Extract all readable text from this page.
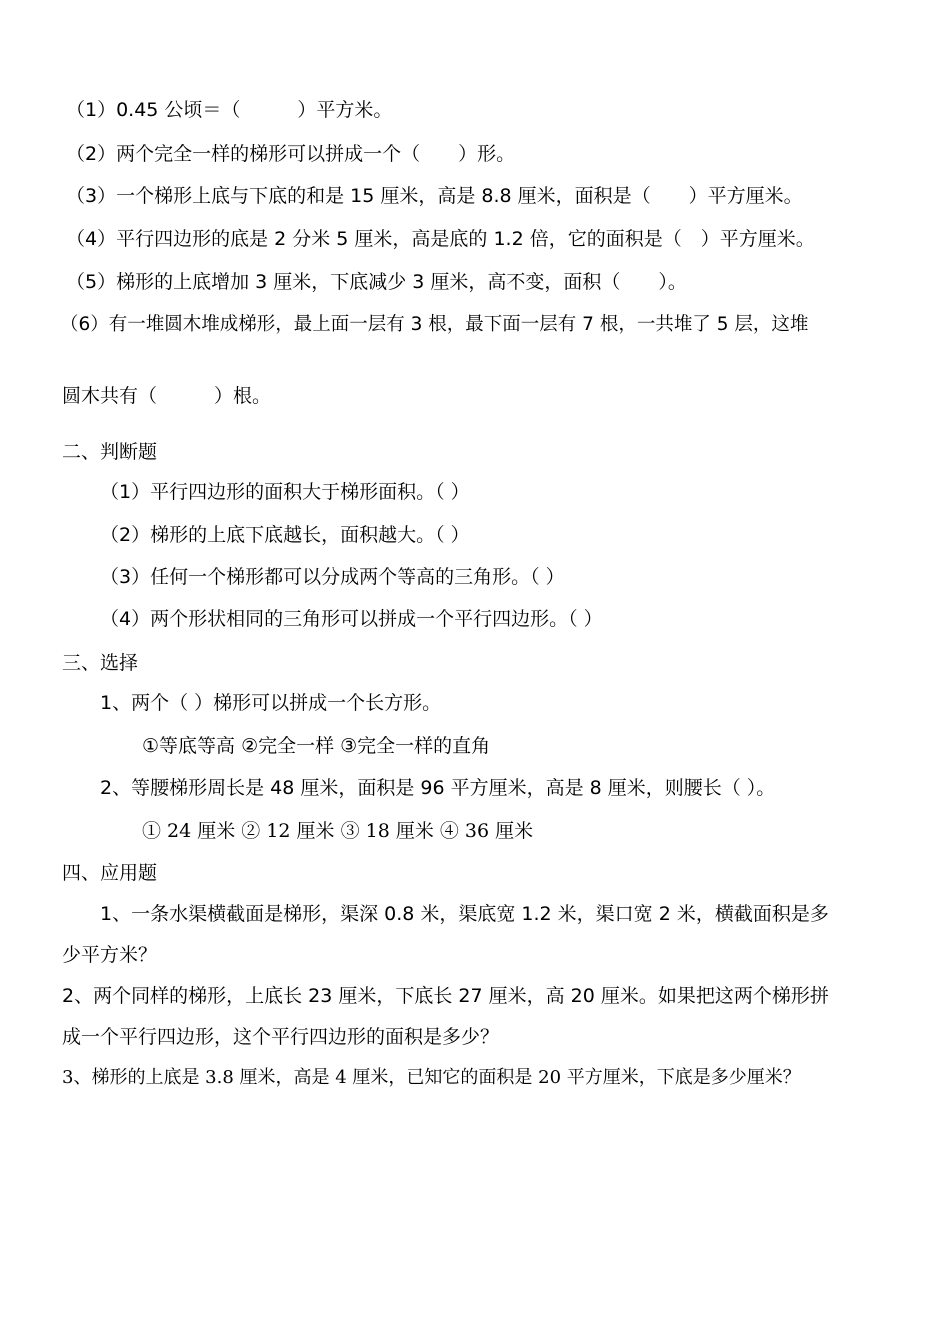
（1）0.45 公顷＝（　　　）平方米。
（2）两个完全一样的梯形可以拼成一个（　　）形。
（3）一个梯形上底与下底的和是 15 厘米，高是 8.8 厘米，面积是（　　）平方厘米。
（4）平行四边形的底是 2 分米 5 厘米，高是底的 1.2 倍，它的面积是（　）平方厘米。
（5）梯形的上底增加 3 厘米，下底减少 3 厘米，高不变，面积（　　）。
（6）有一堆圆木堆成梯形，最上面一层有 3 根，最下面一层有 7 根，一共堆了 5 层，这堆
圆木共有（　　　）根。
二、判断题
（1）平行四边形的面积大于梯形面积。（ ）
（2）梯形的上底下底越长，面积越大。（ ）
（3）任何一个梯形都可以分成两个等高的三角形。（ ）
（4）两个形状相同的三角形可以拼成一个平行四边形。（ ）
三、选择
1、两个（ ）梯形可以拼成一个长方形。
①等底等高 ②完全一样 ③完全一样的直角
2、等腰梯形周长是 48 厘米，面积是 96 平方厘米，高是 8 厘米，则腰长（ ）。
① 24 厘米 ② 12 厘米 ③ 18 厘米 ④ 36 厘米
四、应用题
1、一条水渠横截面是梯形，渠深 0.8 米，渠底宽 1.2 米，渠口宽 2 米，横截面积是多
少平方米？
2、两个同样的梯形，上底长 23 厘米，下底长 27 厘米，高 20 厘米。如果把这两个梯形拼
成一个平行四边形，这个平行四边形的面积是多少？
3、梯形的上底是 3.8 厘米，高是 4 厘米，已知它的面积是 20 平方厘米，下底是多少厘米？
